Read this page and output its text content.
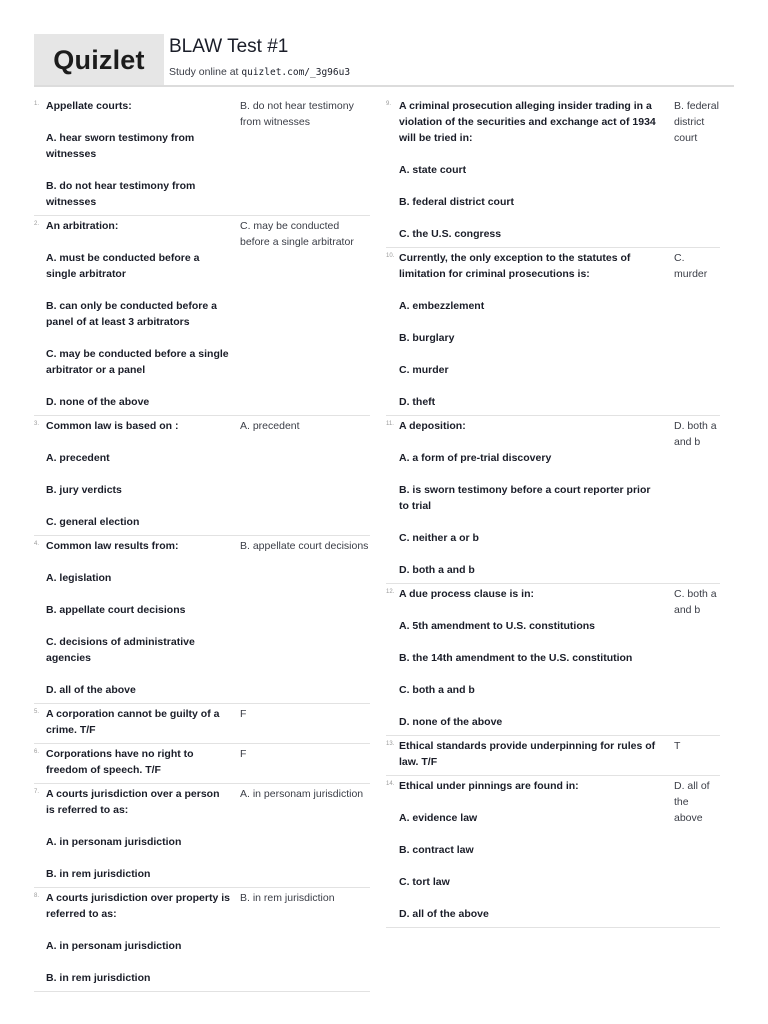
Quizlet	BLAW Test #1
Study online at quizlet.com/_3g96u3
1. Appellate courts:
A. hear sworn testimony from witnesses
B. do not hear testimony from witnesses
B. do not hear testimony from witnesses
2. An arbitration:
A. must be conducted before a single arbitrator
B. can only be conducted before a panel of at least 3 arbitrators
C. may be conducted before a single arbitrator or a panel
D. none of the above
C. may be conducted before a single arbitrator
3. Common law is based on :
A. precedent
B. jury verdicts
C. general election
A. precedent
4. Common law results from:
A. legislation
B. appellate court decisions
C. decisions of administrative agencies
D. all of the above
B. appellate court decisions
5. A corporation cannot be guilty of a crime. T/F
F
6. Corporations have no right to freedom of speech. T/F
F
7. A courts jurisdiction over a person is referred to as:
A. in personam jurisdiction
B. in rem jurisdiction
A. in personam jurisdiction
8. A courts jurisdiction over property is referred to as:
A. in personam jurisdiction
B. in rem jurisdiction
B. in rem jurisdiction
9. A criminal prosecution alleging insider trading in a violation of the securities and exchange act of 1934 will be tried in:
A. state court
B. federal district court
C. the U.S. congress
B. federal district court
10. Currently, the only exception to the statutes of limitation for criminal prosecutions is:
A. embezzlement
B. burglary
C. murder
D. theft
C. murder
11. A deposition:
A. a form of pre-trial discovery
B. is sworn testimony before a court reporter prior to trial
C. neither a or b
D. both a and b
D. both a and b
12. A due process clause is in:
A. 5th amendment to U.S. constitutions
B. the 14th amendment to the U.S. constitution
C. both a and b
D. none of the above
C. both a and b
13. Ethical standards provide underpinning for rules of law. T/F
T
14. Ethical under pinnings are found in:
A. evidence law
B. contract law
C. tort law
D. all of the above
D. all of the above
